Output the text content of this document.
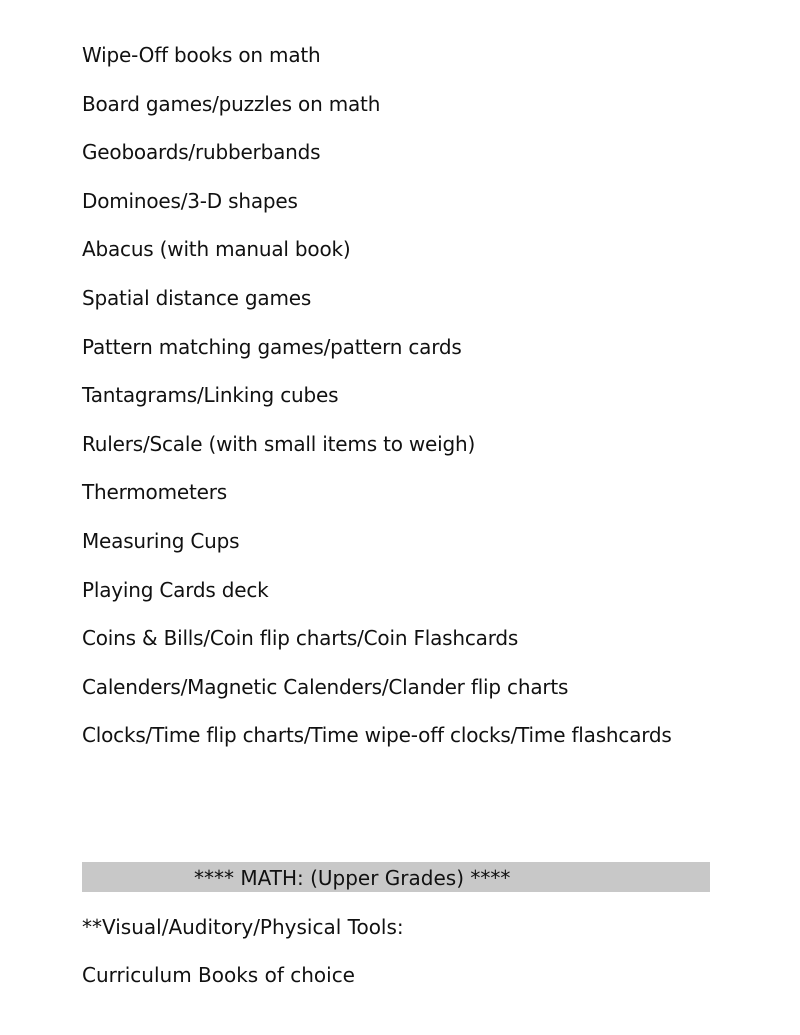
Wipe-Off books on math
Board games/puzzles on math
Geoboards/rubberbands
Dominoes/3-D shapes
Abacus (with manual book)
Spatial distance games
Pattern matching games/pattern cards
Tantagrams/Linking cubes
Rulers/Scale (with small items to weigh)
Thermometers
Measuring Cups
Playing Cards deck
Coins & Bills/Coin flip charts/Coin Flashcards
Calenders/Magnetic Calenders/Clander flip charts
Clocks/Time flip charts/Time wipe-off clocks/Time flashcards
**** MATH: (Upper Grades) ****
**Visual/Auditory/Physical Tools:
Curriculum Books of choice
